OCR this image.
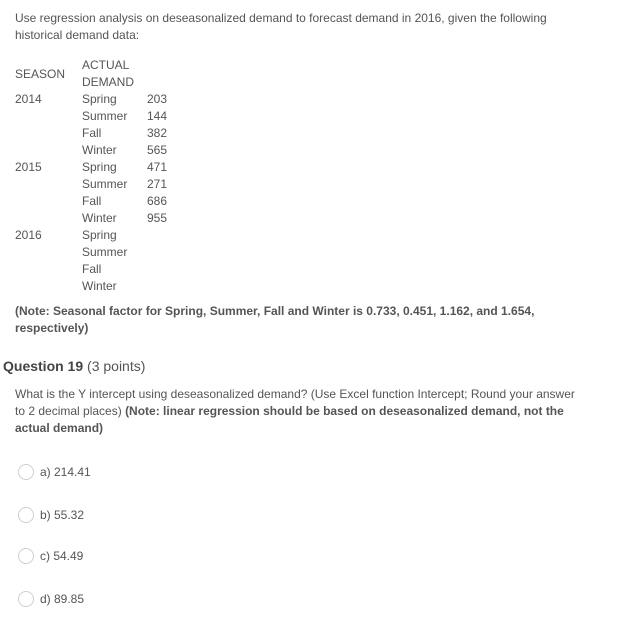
Use regression analysis on deseasonalized demand to forecast demand in 2016, given the following historical demand data:
SEASON
ACTUAL DEMAND
2014	Spring	203
Summer 144
Fall	382
Winter	565
2015	Spring	471
Summer 271
Fall	686
Winter	955
2016	Spring
Summer
Fall
Winter
(Note: Seasonal factor for Spring, Summer, Fall and Winter is 0.733, 0.451, 1.162, and 1.654, respectively)
Question 19 (3 points)
What is the Y intercept using deseasonalized demand? (Use Excel function Intercept; Round your answer to 2 decimal places) (Note: linear regression should be based on deseasonalized demand, not the actual demand)
a) 214.41
b) 55.32
c) 54.49
d) 89.85
